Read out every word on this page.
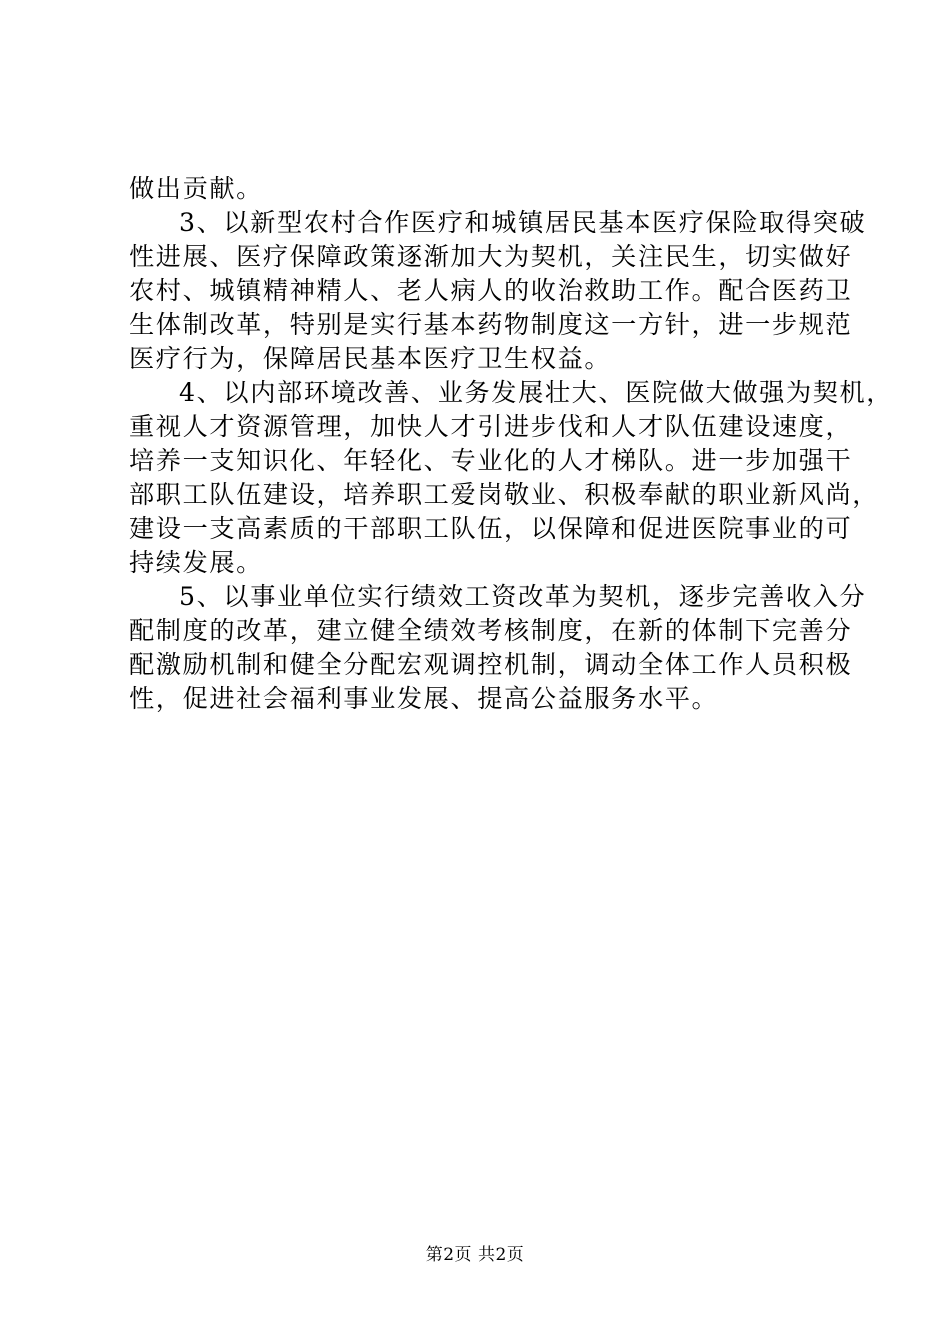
做出贡献。
3、以新型农村合作医疗和城镇居民基本医疗保险取得突破
性进展、医疗保障政策逐渐加大为契机，关注民生，切实做好
农村、城镇精神精人、老人病人的收治救助工作。配合医药卫
生体制改革，特别是实行基本药物制度这一方针，进一步规范
医疗行为，保障居民基本医疗卫生权益。
4、以内部环境改善、业务发展壮大、医院做大做强为契机，
重视人才资源管理，加快人才引进步伐和人才队伍建设速度，
培养一支知识化、年轻化、专业化的人才梯队。进一步加强干
部职工队伍建设，培养职工爱岗敬业、积极奉献的职业新风尚，
建设一支高素质的干部职工队伍，以保障和促进医院事业的可
持续发展。
5、以事业单位实行绩效工资改革为契机，逐步完善收入分
配制度的改革，建立健全绩效考核制度，在新的体制下完善分
配激励机制和健全分配宏观调控机制，调动全体工作人员积极
性，促进社会福利事业发展、提高公益服务水平。
第2页 共2页
